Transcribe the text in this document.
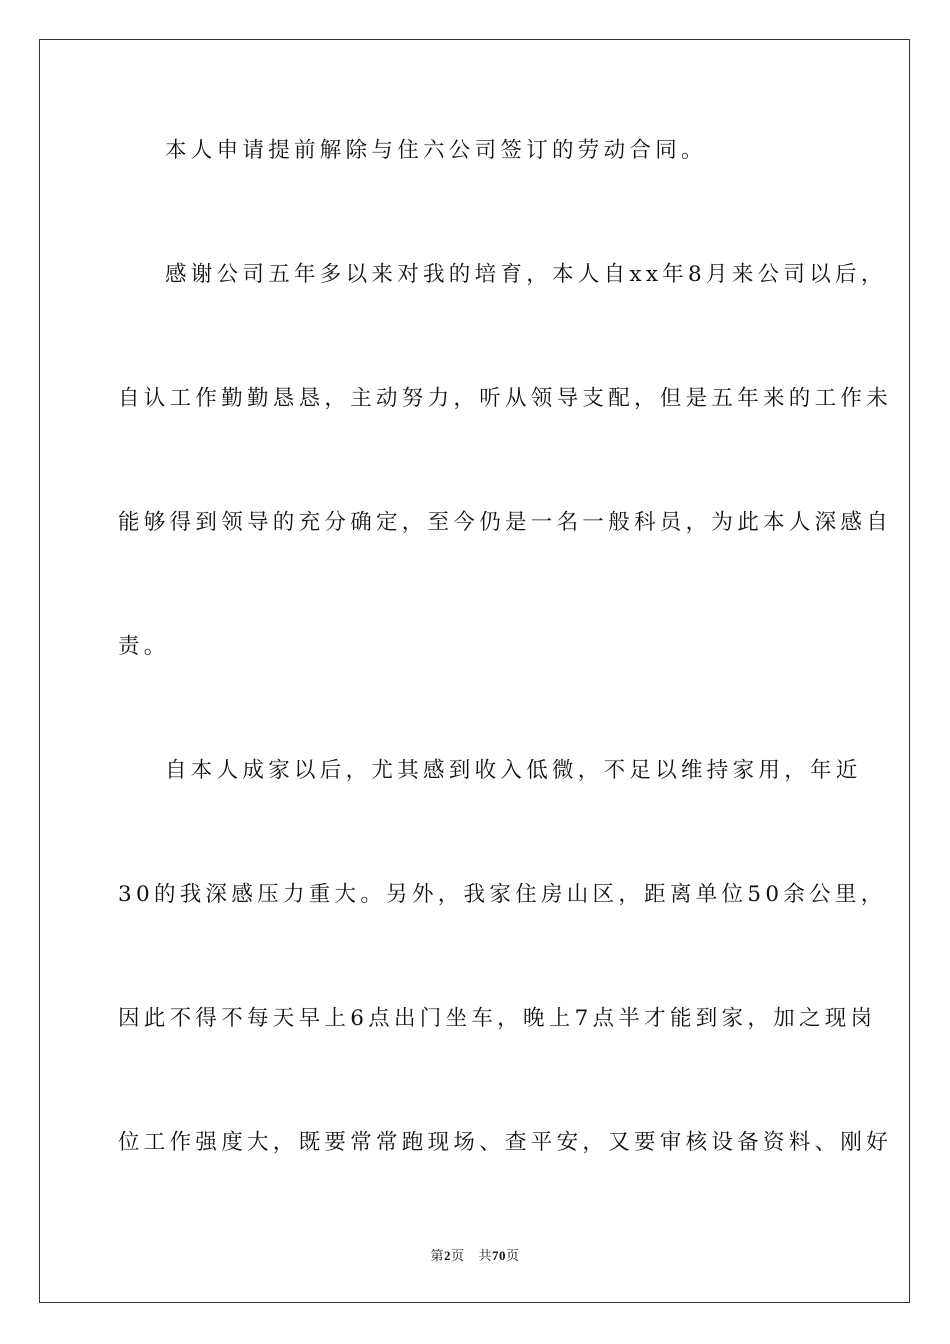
本人申请提前解除与住六公司签订的劳动合同。
感谢公司五年多以来对我的培育，本人自xx年8月来公司以后，
自认工作勤勤恳恳，主动努力，听从领导支配，但是五年来的工作未
能够得到领导的充分确定，至今仍是一名一般科员，为此本人深感自
责。
自本人成家以后，尤其感到收入低微，不足以维持家用，年近
30的我深感压力重大。另外，我家住房山区，距离单位50余公里，
因此不得不每天早上6点出门坐车，晚上7点半才能到家，加之现岗
位工作强度大，既要常常跑现场、查平安，又要审核设备资料、刚好
第2页 共70页
